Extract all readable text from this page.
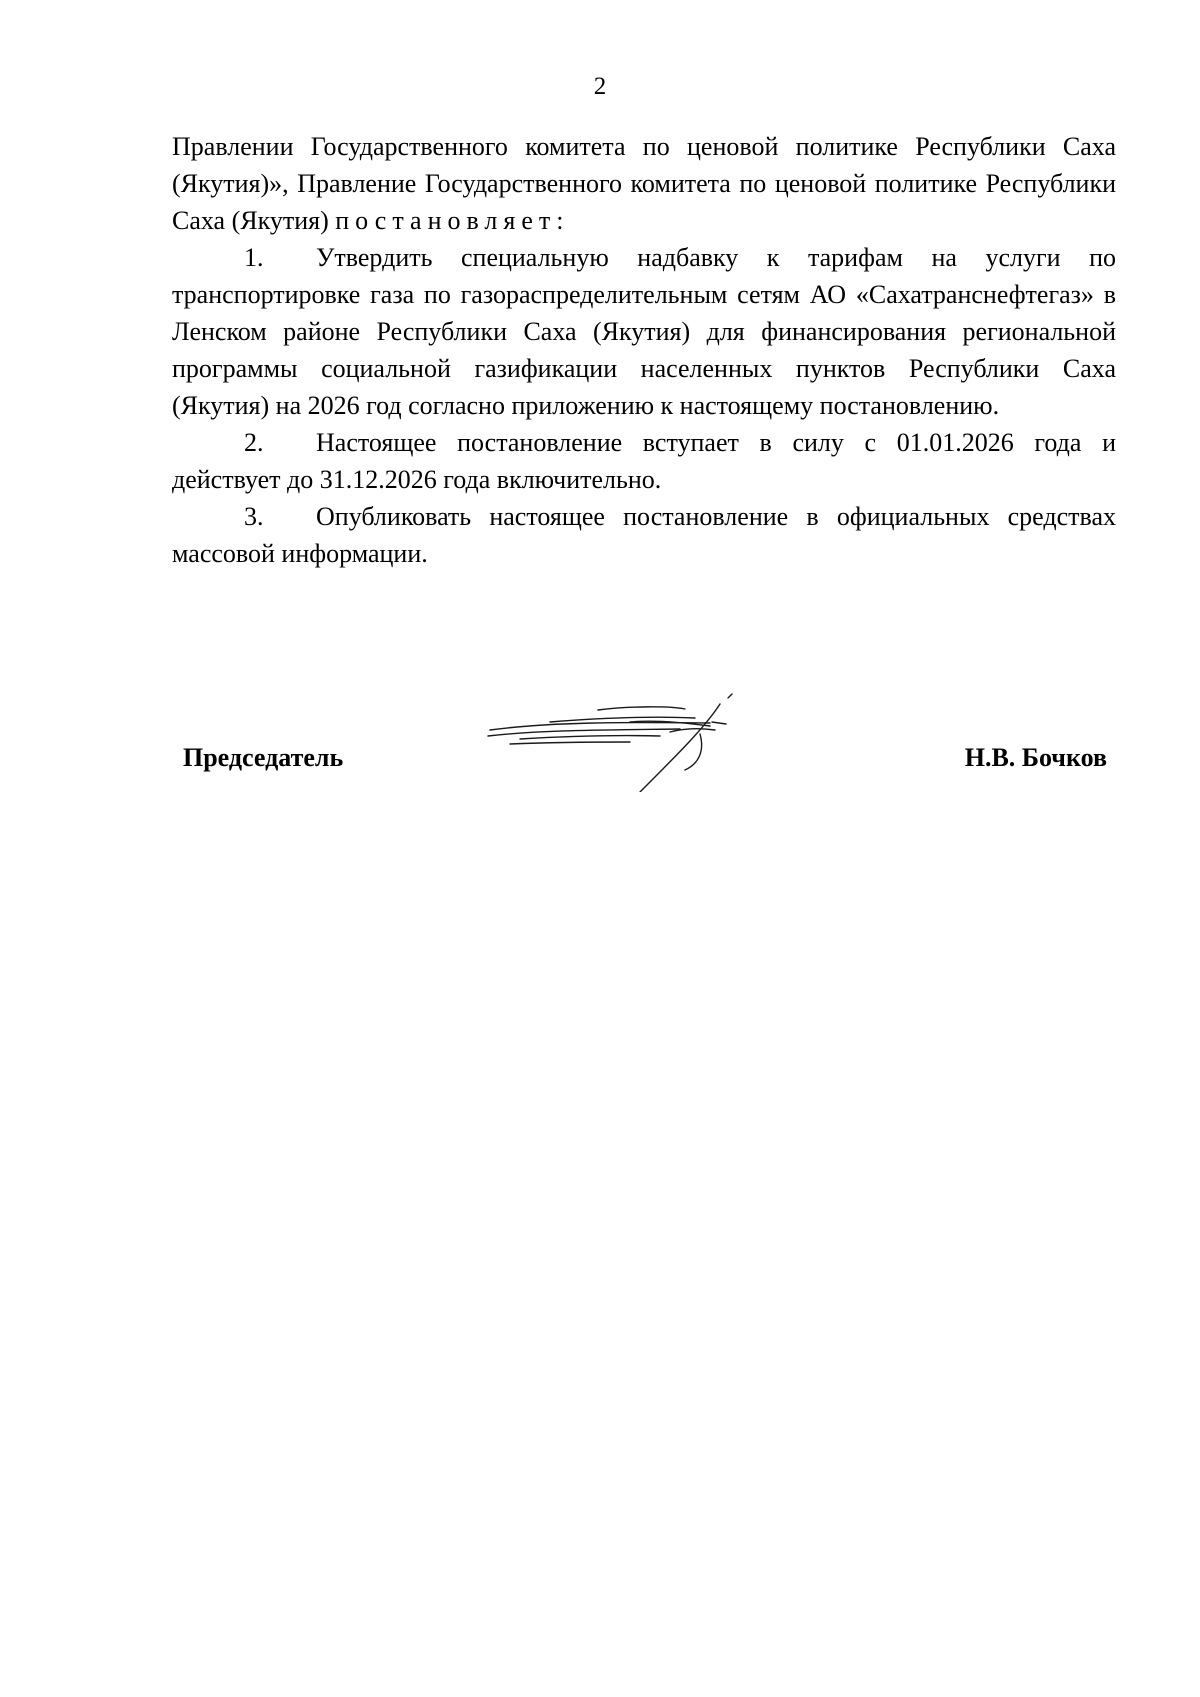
2

Правлении Государственного комитета по ценовой политике Республики Саха (Якутия)», Правление Государственного комитета по ценовой политике Республики Саха (Якутия) постановляет:

1. Утвердить специальную надбавку к тарифам на услуги по транспортировке газа по газораспределительным сетям АО «Сахатранснефтегаз» в Ленском районе Республики Саха (Якутия) для финансирования региональной программы социальной газификации населенных пунктов Республики Саха (Якутия) на 2026 год согласно приложению к настоящему постановлению.

2. Настоящее постановление вступает в силу с 01.01.2026 года и действует до 31.12.2026 года включительно.

3. Опубликовать настоящее постановление в официальных средствах массовой информации.

Председатель	Н.В. Бочков
